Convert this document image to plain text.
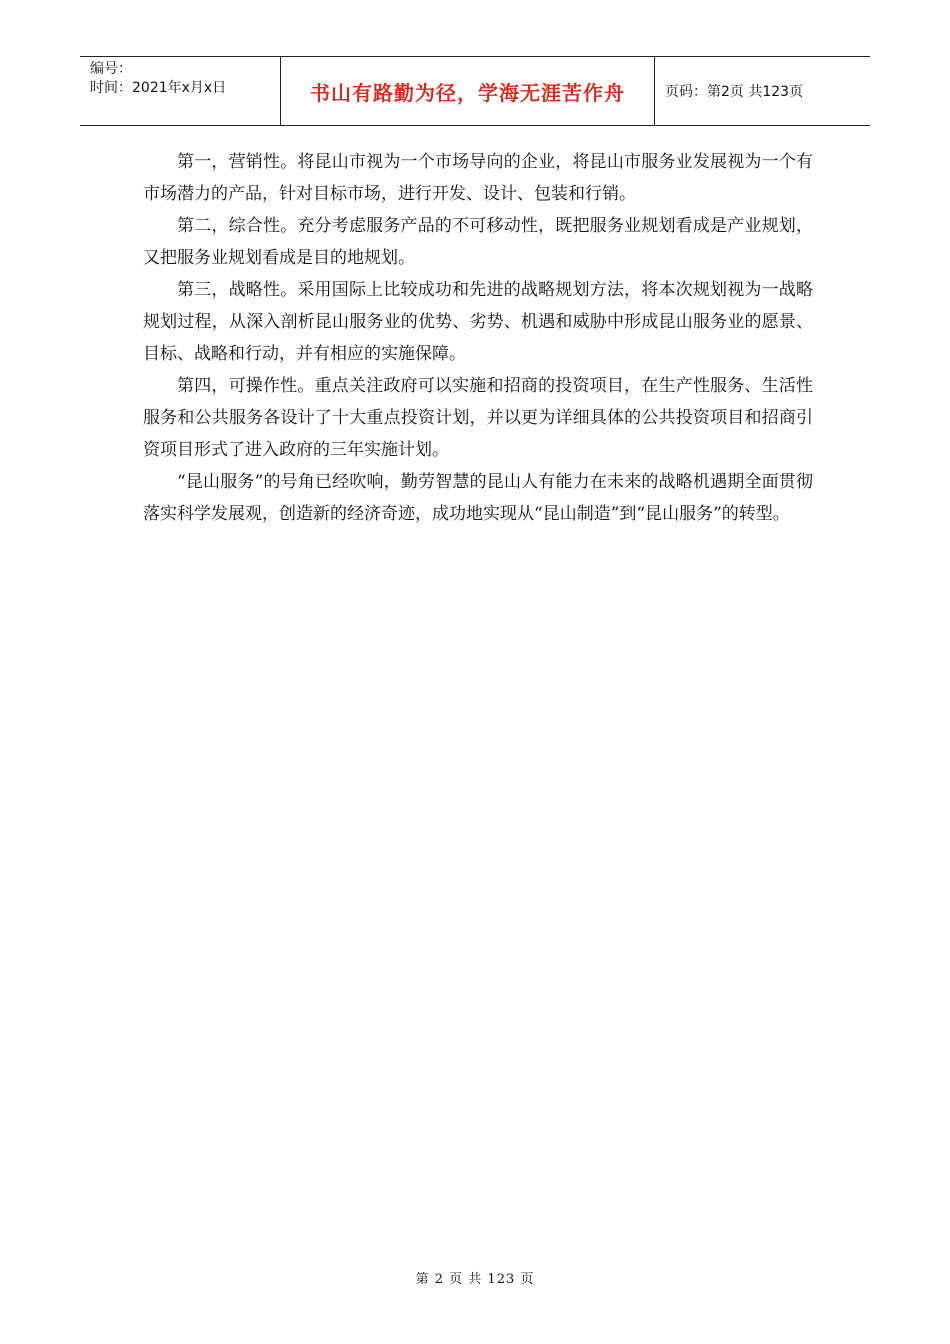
编号：
时间：2021年x月x日	书山有路勤为径，学海无涯苦作舟	页码：第2页 共123页

第一，营销性。将昆山市视为一个市场导向的企业，将昆山市服务业发展视为一个有市场潜力的产品，针对目标市场，进行开发、设计、包装和行销。

第二，综合性。充分考虑服务产品的不可移动性，既把服务业规划看成是产业规划，又把服务业规划看成是目的地规划。

第三，战略性。采用国际上比较成功和先进的战略规划方法，将本次规划视为一战略规划过程，从深入剖析昆山服务业的优势、劣势、机遇和威胁中形成昆山服务业的愿景、目标、战略和行动，并有相应的实施保障。

第四，可操作性。重点关注政府可以实施和招商的投资项目，在生产性服务、生活性服务和公共服务各设计了十大重点投资计划，并以更为详细具体的公共投资项目和招商引资项目形式了进入政府的三年实施计划。

“昆山服务”的号角已经吹响，勤劳智慧的昆山人有能力在未来的战略机遇期全面贯彻落实科学发展观，创造新的经济奇迹，成功地实现从“昆山制造”到“昆山服务”的转型。

第 2 页 共 123 页
